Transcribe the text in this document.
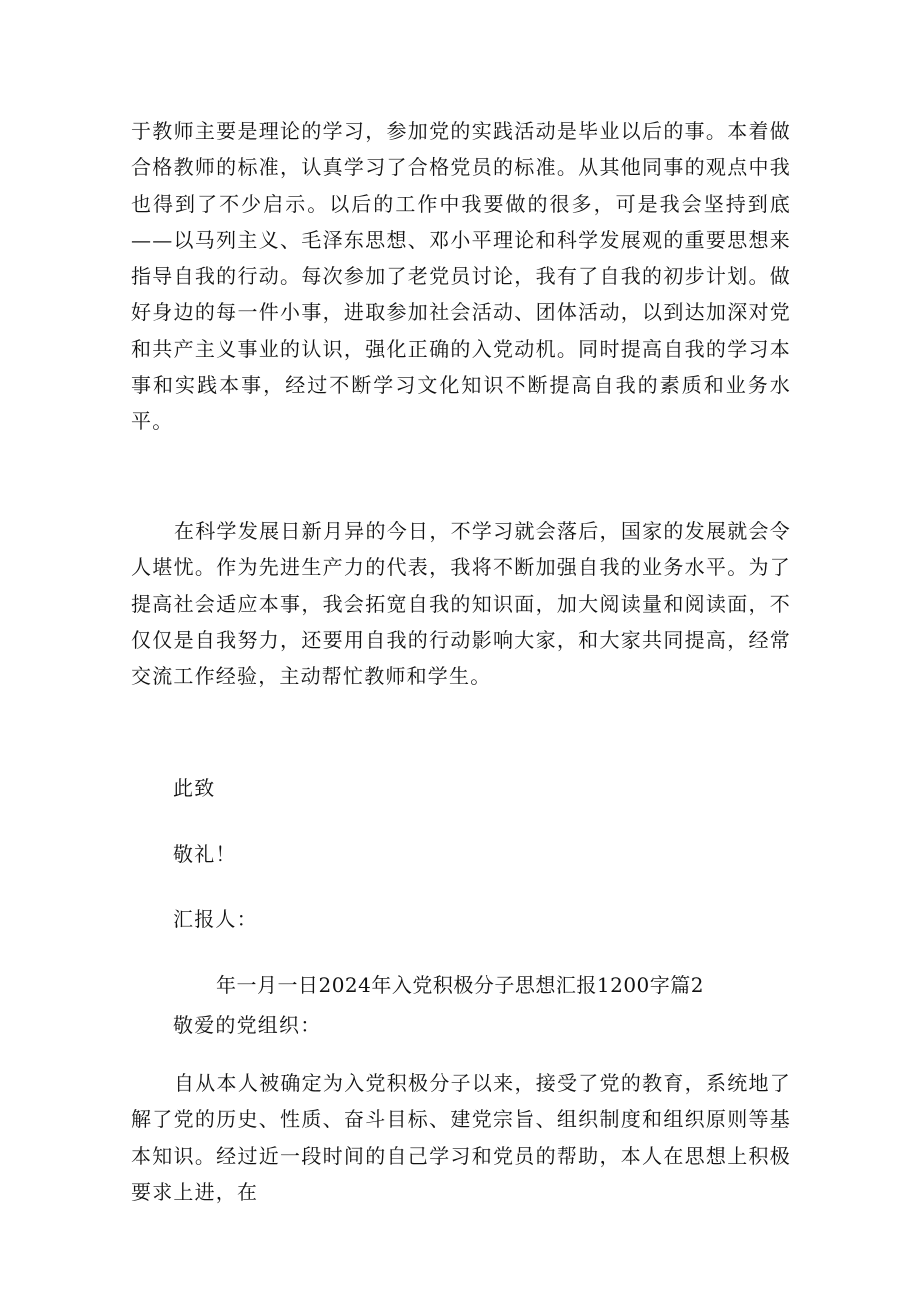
于教师主要是理论的学习，参加党的实践活动是毕业以后的事。本着做合格教师的标准，认真学习了合格党员的标准。从其他同事的观点中我也得到了不少启示。以后的工作中我要做的很多，可是我会坚持到底——以马列主义、毛泽东思想、邓小平理论和科学发展观的重要思想来指导自我的行动。每次参加了老党员讨论，我有了自我的初步计划。做好身边的每一件小事，进取参加社会活动、团体活动，以到达加深对党和共产主义事业的认识，强化正确的入党动机。同时提高自我的学习本事和实践本事，经过不断学习文化知识不断提高自我的素质和业务水平。

在科学发展日新月异的今日，不学习就会落后，国家的发展就会令人堪忧。作为先进生产力的代表，我将不断加强自我的业务水平。为了提高社会适应本事，我会拓宽自我的知识面，加大阅读量和阅读面，不仅仅是自我努力，还要用自我的行动影响大家，和大家共同提高，经常交流工作经验，主动帮忙教师和学生。

此致

敬礼！

汇报人：

年一月一日2024年入党积极分子思想汇报1200字篇2

敬爱的党组织：

自从本人被确定为入党积极分子以来，接受了党的教育，系统地了解了党的历史、性质、奋斗目标、建党宗旨、组织制度和组织原则等基本知识。经过近一段时间的自己学习和党员的帮助，本人在思想上积极要求上进，在
